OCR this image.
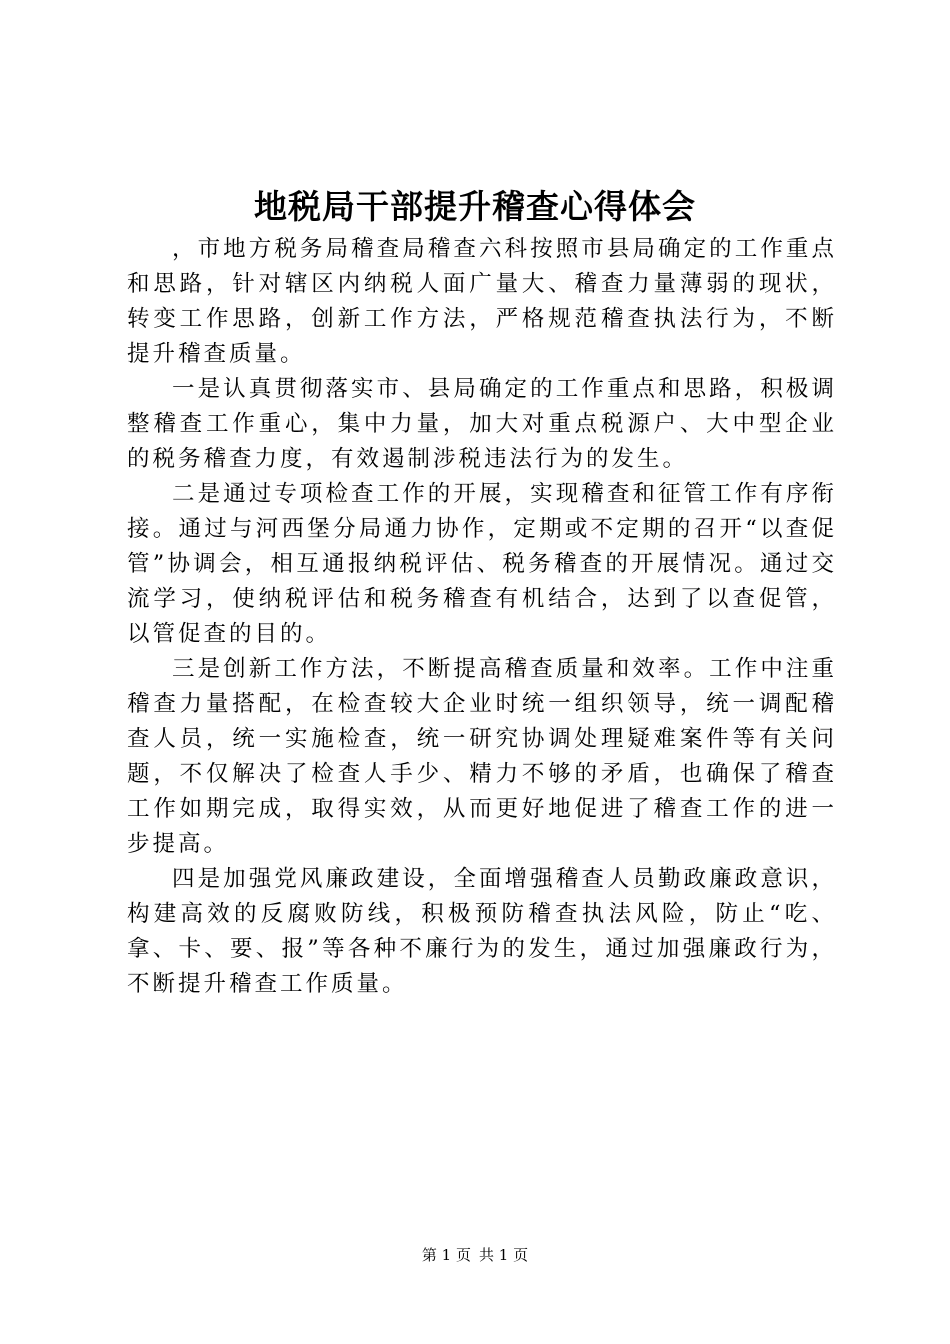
地税局干部提升稽查心得体会

，市地方税务局稽查局稽查六科按照市县局确定的工作重点和思路，针对辖区内纳税人面广量大、稽查力量薄弱的现状，转变工作思路，创新工作方法，严格规范稽查执法行为，不断提升稽查质量。

一是认真贯彻落实市、县局确定的工作重点和思路，积极调整稽查工作重心，集中力量，加大对重点税源户、大中型企业的税务稽查力度，有效遏制涉税违法行为的发生。

二是通过专项检查工作的开展，实现稽查和征管工作有序衔接。通过与河西堡分局通力协作，定期或不定期的召开“以查促管”协调会，相互通报纳税评估、税务稽查的开展情况。通过交流学习，使纳税评估和税务稽查有机结合，达到了以查促管，以管促查的目的。

三是创新工作方法，不断提高稽查质量和效率。工作中注重稽查力量搭配，在检查较大企业时统一组织领导，统一调配稽查人员，统一实施检查，统一研究协调处理疑难案件等有关问题，不仅解决了检查人手少、精力不够的矛盾，也确保了稽查工作如期完成，取得实效，从而更好地促进了稽查工作的进一步提高。

四是加强党风廉政建设，全面增强稽查人员勤政廉政意识，构建高效的反腐败防线，积极预防稽查执法风险，防止“吃、拿、卡、要、报”等各种不廉行为的发生，通过加强廉政行为，不断提升稽查工作质量。

第 1 页 共 1 页
